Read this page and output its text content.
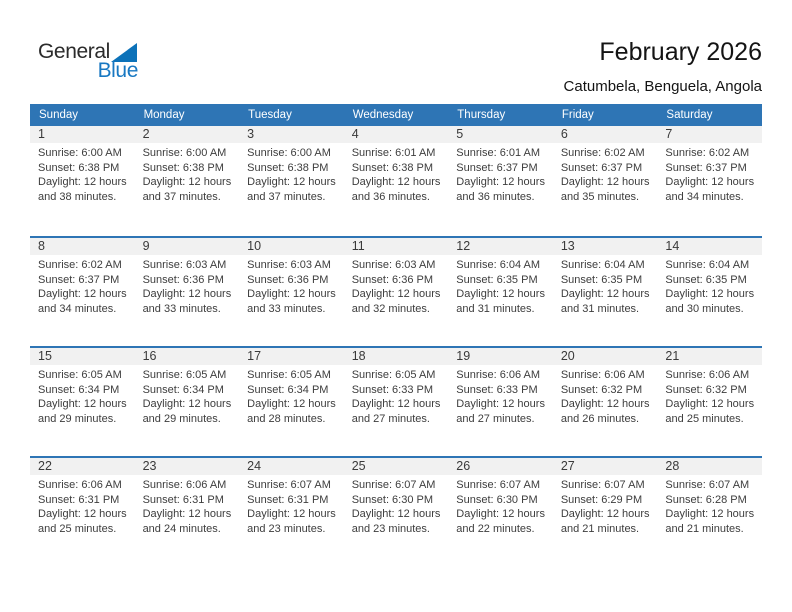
General
Blue
February 2026
Catumbela, Benguela, Angola
Sunday	Monday	Tuesday	Wednesday	Thursday	Friday	Saturday
1	2	3	4	5	6	7
Sunrise: 6:00 AM
Sunset: 6:38 PM
Daylight: 12 hours
and 38 minutes.
Sunrise: 6:00 AM
Sunset: 6:38 PM
Daylight: 12 hours
and 37 minutes.
Sunrise: 6:00 AM
Sunset: 6:38 PM
Daylight: 12 hours
and 37 minutes.
Sunrise: 6:01 AM
Sunset: 6:38 PM
Daylight: 12 hours
and 36 minutes.
Sunrise: 6:01 AM
Sunset: 6:37 PM
Daylight: 12 hours
and 36 minutes.
Sunrise: 6:02 AM
Sunset: 6:37 PM
Daylight: 12 hours
and 35 minutes.
Sunrise: 6:02 AM
Sunset: 6:37 PM
Daylight: 12 hours
and 34 minutes.
8	9	10	11	12	13	14
Sunrise: 6:02 AM
Sunset: 6:37 PM
Daylight: 12 hours
and 34 minutes.
Sunrise: 6:03 AM
Sunset: 6:36 PM
Daylight: 12 hours
and 33 minutes.
Sunrise: 6:03 AM
Sunset: 6:36 PM
Daylight: 12 hours
and 33 minutes.
Sunrise: 6:03 AM
Sunset: 6:36 PM
Daylight: 12 hours
and 32 minutes.
Sunrise: 6:04 AM
Sunset: 6:35 PM
Daylight: 12 hours
and 31 minutes.
Sunrise: 6:04 AM
Sunset: 6:35 PM
Daylight: 12 hours
and 31 minutes.
Sunrise: 6:04 AM
Sunset: 6:35 PM
Daylight: 12 hours
and 30 minutes.
15	16	17	18	19	20	21
Sunrise: 6:05 AM
Sunset: 6:34 PM
Daylight: 12 hours
and 29 minutes.
Sunrise: 6:05 AM
Sunset: 6:34 PM
Daylight: 12 hours
and 29 minutes.
Sunrise: 6:05 AM
Sunset: 6:34 PM
Daylight: 12 hours
and 28 minutes.
Sunrise: 6:05 AM
Sunset: 6:33 PM
Daylight: 12 hours
and 27 minutes.
Sunrise: 6:06 AM
Sunset: 6:33 PM
Daylight: 12 hours
and 27 minutes.
Sunrise: 6:06 AM
Sunset: 6:32 PM
Daylight: 12 hours
and 26 minutes.
Sunrise: 6:06 AM
Sunset: 6:32 PM
Daylight: 12 hours
and 25 minutes.
22	23	24	25	26	27	28
Sunrise: 6:06 AM
Sunset: 6:31 PM
Daylight: 12 hours
and 25 minutes.
Sunrise: 6:06 AM
Sunset: 6:31 PM
Daylight: 12 hours
and 24 minutes.
Sunrise: 6:07 AM
Sunset: 6:31 PM
Daylight: 12 hours
and 23 minutes.
Sunrise: 6:07 AM
Sunset: 6:30 PM
Daylight: 12 hours
and 23 minutes.
Sunrise: 6:07 AM
Sunset: 6:30 PM
Daylight: 12 hours
and 22 minutes.
Sunrise: 6:07 AM
Sunset: 6:29 PM
Daylight: 12 hours
and 21 minutes.
Sunrise: 6:07 AM
Sunset: 6:28 PM
Daylight: 12 hours
and 21 minutes.
